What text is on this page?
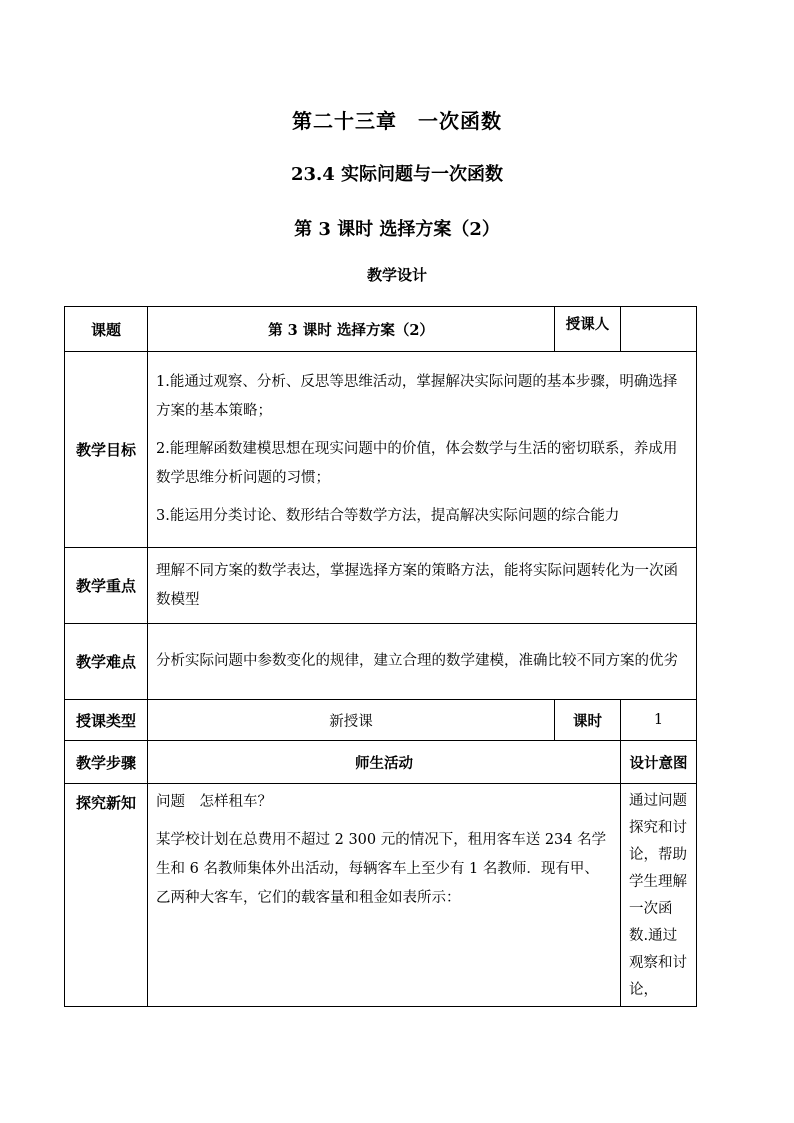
第二十三章　一次函数
23.4 实际问题与一次函数
第 3 课时 选择方案（2）
教学设计
课题	第 3 课时 选择方案（2）	授课人	
教学目标	1.能通过观察、分析、反思等思维活动，掌握解决实际问题的基本步骤，明确选择方案的基本策略；

2.能理解函数建模思想在现实问题中的价值，体会数学与生活的密切联系，养成用数学思维分析问题的习惯；

3.能运用分类讨论、数形结合等数学方法，提高解决实际问题的综合能力		

教学重点	理解不同方案的数学表达，掌握选择方案的策略方法，能将实际问题转化为一次函数模型		
教学难点	分析实际问题中参数变化的规律，建立合理的数学建模，准确比较不同方案的优劣		
授课类型	新授课	课时	1
教学步骤	师生活动		设计意图
探究新知	问题　怎样租车？

某学校计划在总费用不超过 2 300 元的情况下，租用客车送 234 名学生和 6 名教师集体外出活动，每辆客车上至少有 1 名教师．现有甲、乙两种大客车，它们的载客量和租金如表所示：		通过问题探究和讨论，帮助学生理解一次函数.通过观察和讨论，
